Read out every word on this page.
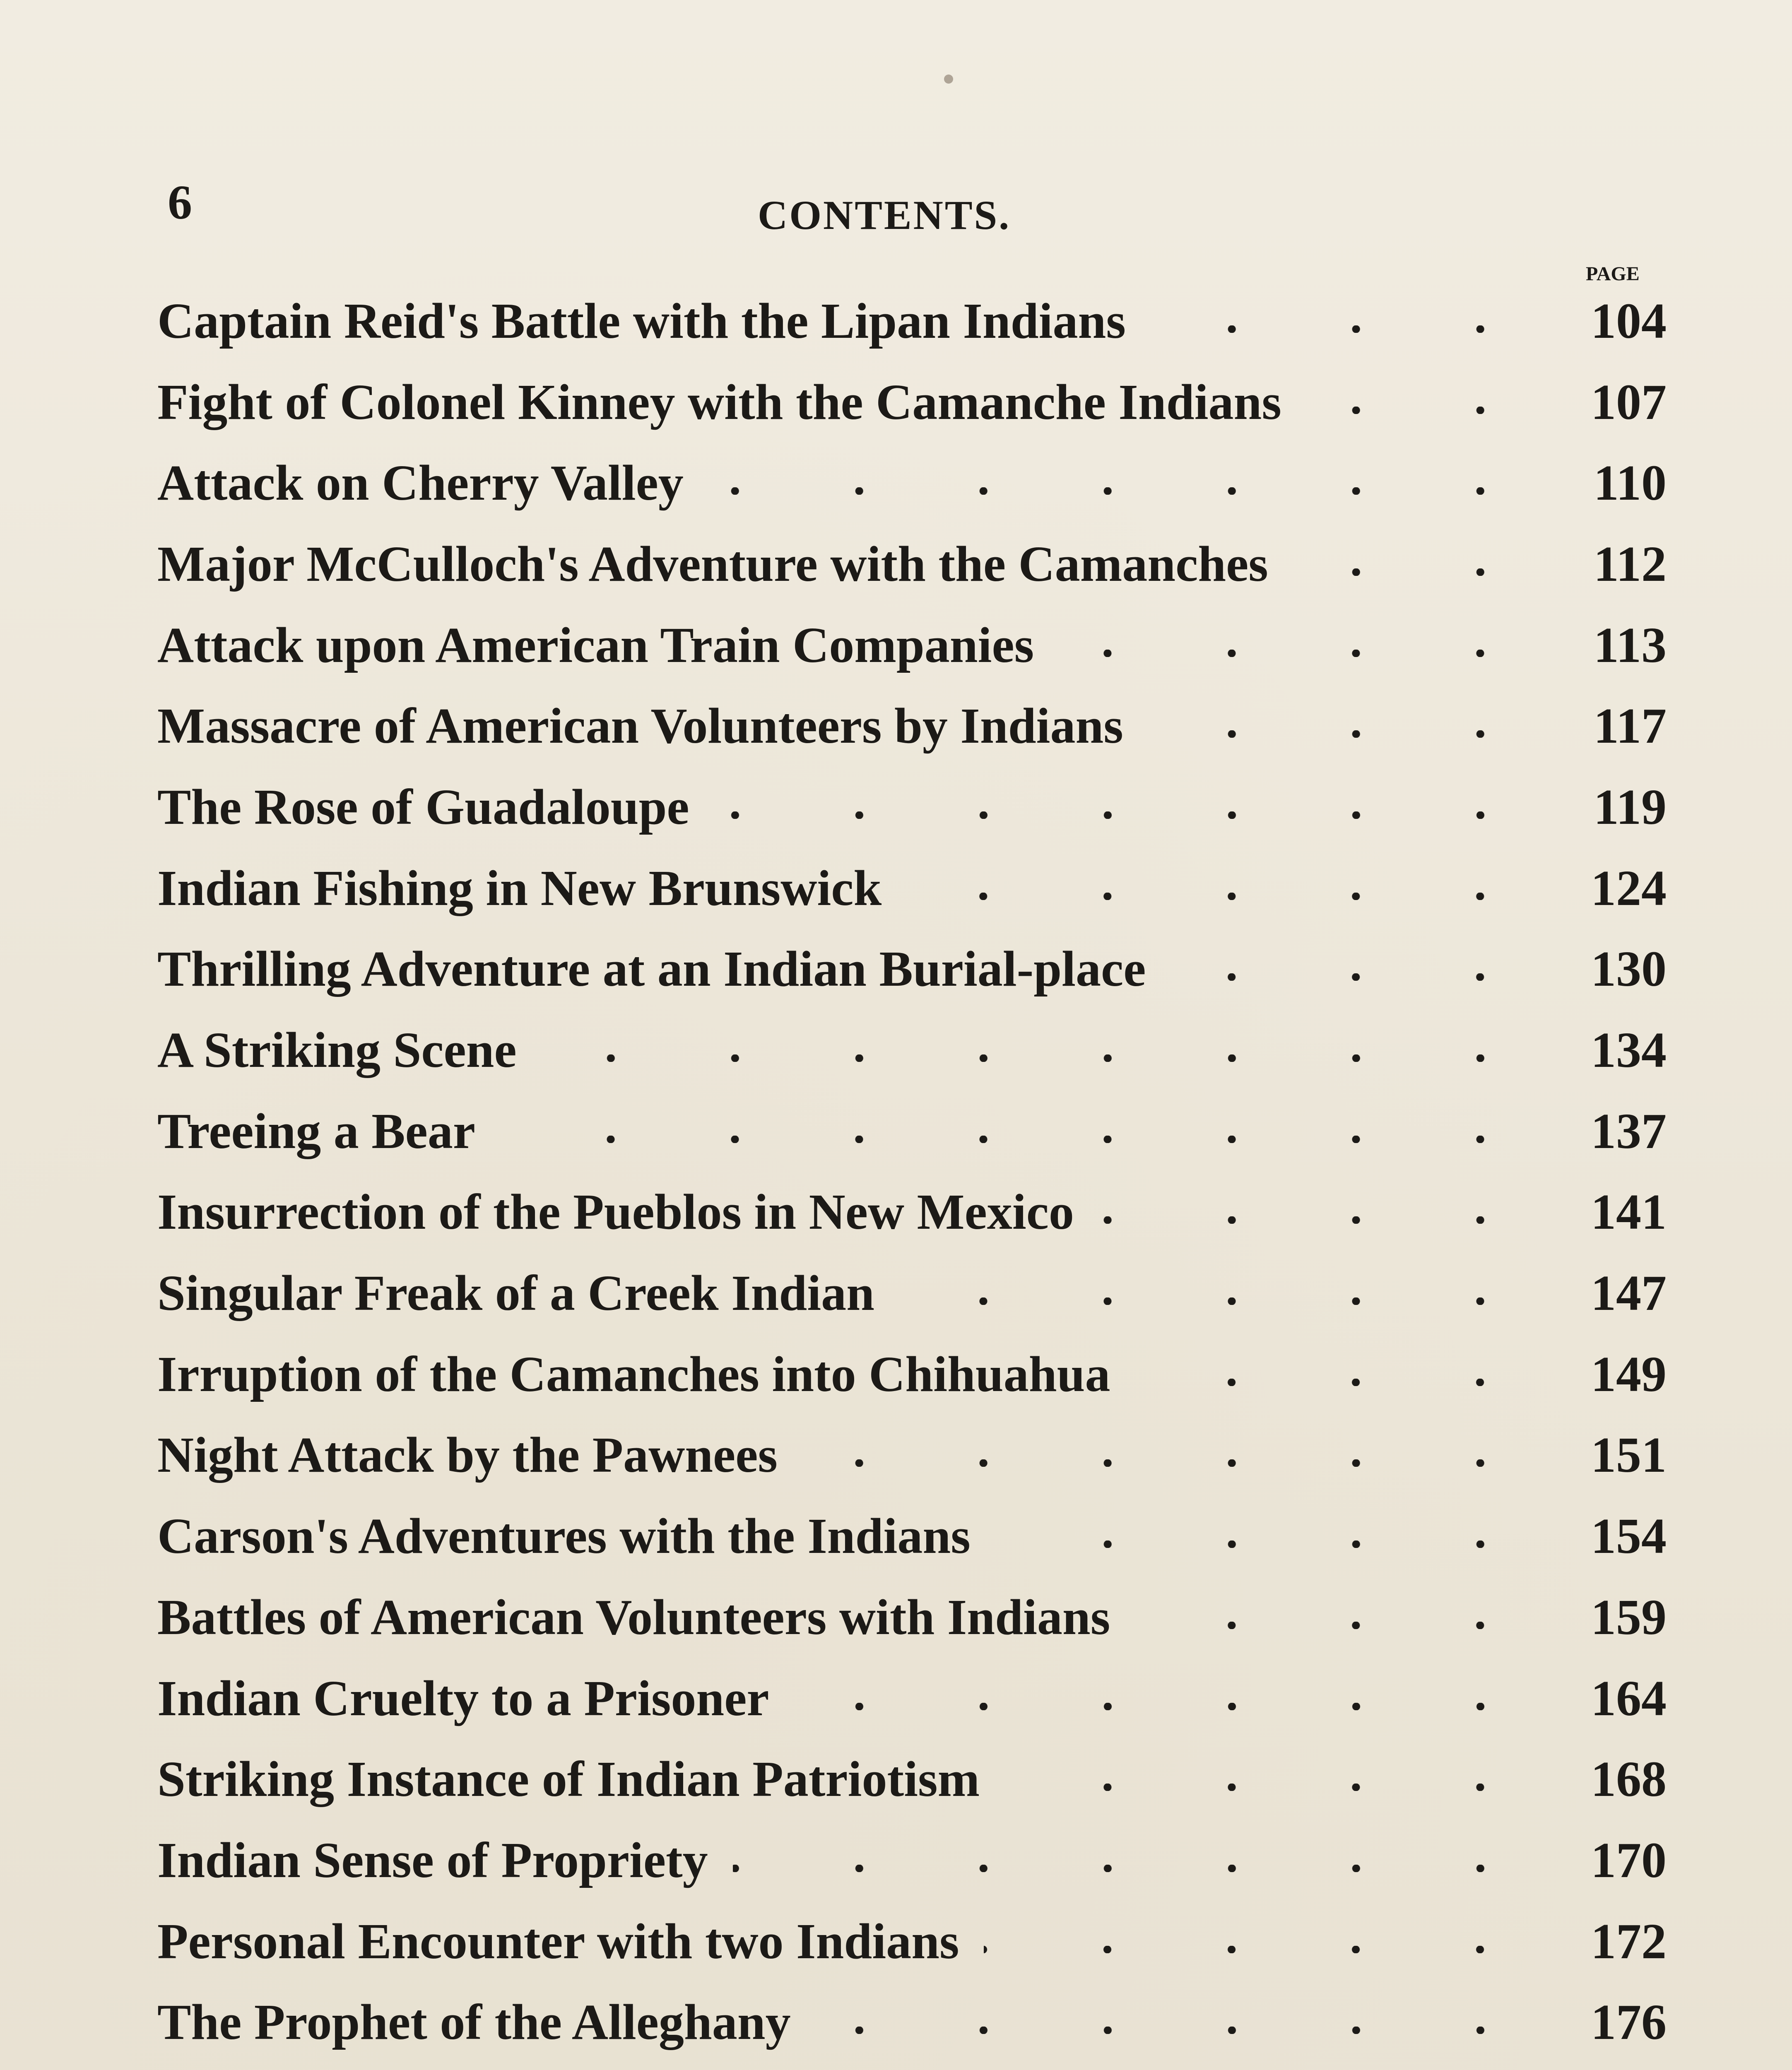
6	CONTENTS.
PAGE
Captain Reid's Battle with the Lipan Indians	104
Fight of Colonel Kinney with the Camanche Indians	107
Attack on Cherry Valley	110
Major McCulloch's Adventure with the Camanches	112
Attack upon American Train Companies	113
Massacre of American Volunteers by Indians	117
The Rose of Guadaloupe	119
Indian Fishing in New Brunswick	124
Thrilling Adventure at an Indian Burial-place	130
A Striking Scene	134
Treeing a Bear	137
Insurrection of the Pueblos in New Mexico	141
Singular Freak of a Creek Indian	147
Irruption of the Camanches into Chihuahua	149
Night Attack by the Pawnees	151
Carson's Adventures with the Indians	154
Battles of American Volunteers with Indians	159
Indian Cruelty to a Prisoner	164
Striking Instance of Indian Patriotism	168
Indian Sense of Propriety	170
Personal Encounter with two Indians	172
The Prophet of the Alleghany	176
